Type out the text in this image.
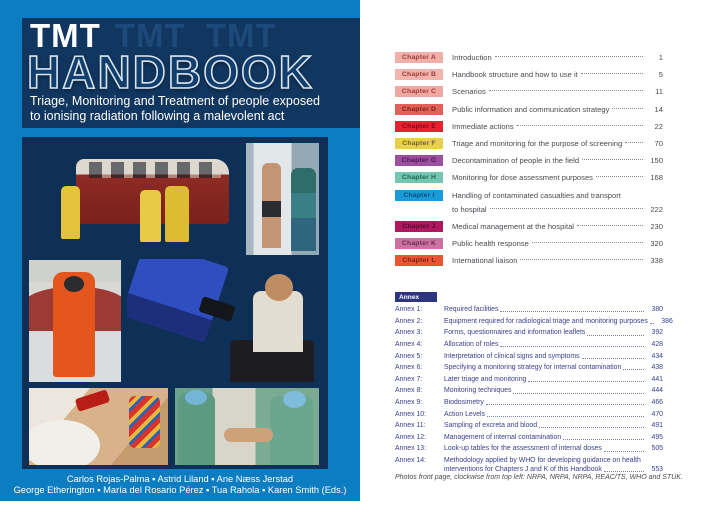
TMT TMT TMT
HANDBOOK
Triage, Monitoring and Treatment of people exposed
to ionising radiation following a malevolent act
Carlos Rojas-Palma ▪ Astrid Liland ▪ Ane Næss Jerstad
George Etherington ▪ María del Rosario Pérez ▪ Tua Rahola ▪ Karen Smith (Eds.)
Chapter A	Introduction	1
Chapter B	Handbook structure and how to use it	5
Chapter C	Scenarios	11
Chapter D	Public information and communication strategy	14
Chapter E	Immediate actions	22
Chapter F	Triage and monitoring for the purpose of screening	70
Chapter G	Decontamination of people in the field	150
Chapter H	Monitoring for dose assessment purposes	168
Chapter I	Handling of contaminated casualties and transport
to hospital	222
Chapter J	Medical management at the hospital	230
Chapter K	Public health response	320
Chapter L	International liaison	338
Annex
Annex 1:	Required facilities	380
Annex 2:	Equipment required for radiological triage and monitoring purposes	386
Annex 3:	Forms, questionnaires and information leaflets	392
Annex 4:	Allocation of roles	428
Annex 5:	Interpretation of clinical signs and symptoms	434
Annex 6:	Specifying a monitoring strategy for internal contamination	438
Annex 7:	Later triage and monitoring	441
Annex 8:	Monitoring techniques	444
Annex 9:	Biodosimetry	466
Annex 10:	Action Levels	470
Annex 11:	Sampling of excreta and blood	491
Annex 12:	Management of internal contamination	495
Annex 13:	Look-up tables for the assessment of internal doses	505
Annex 14:	Methodology applied by WHO for developing guidance on health
interventions for Chapters J and K of this Handbook	553
Photos front page, clockwise from top left: NRPA, NRPA, NRPA, REAC/TS, WHO and STUK.
